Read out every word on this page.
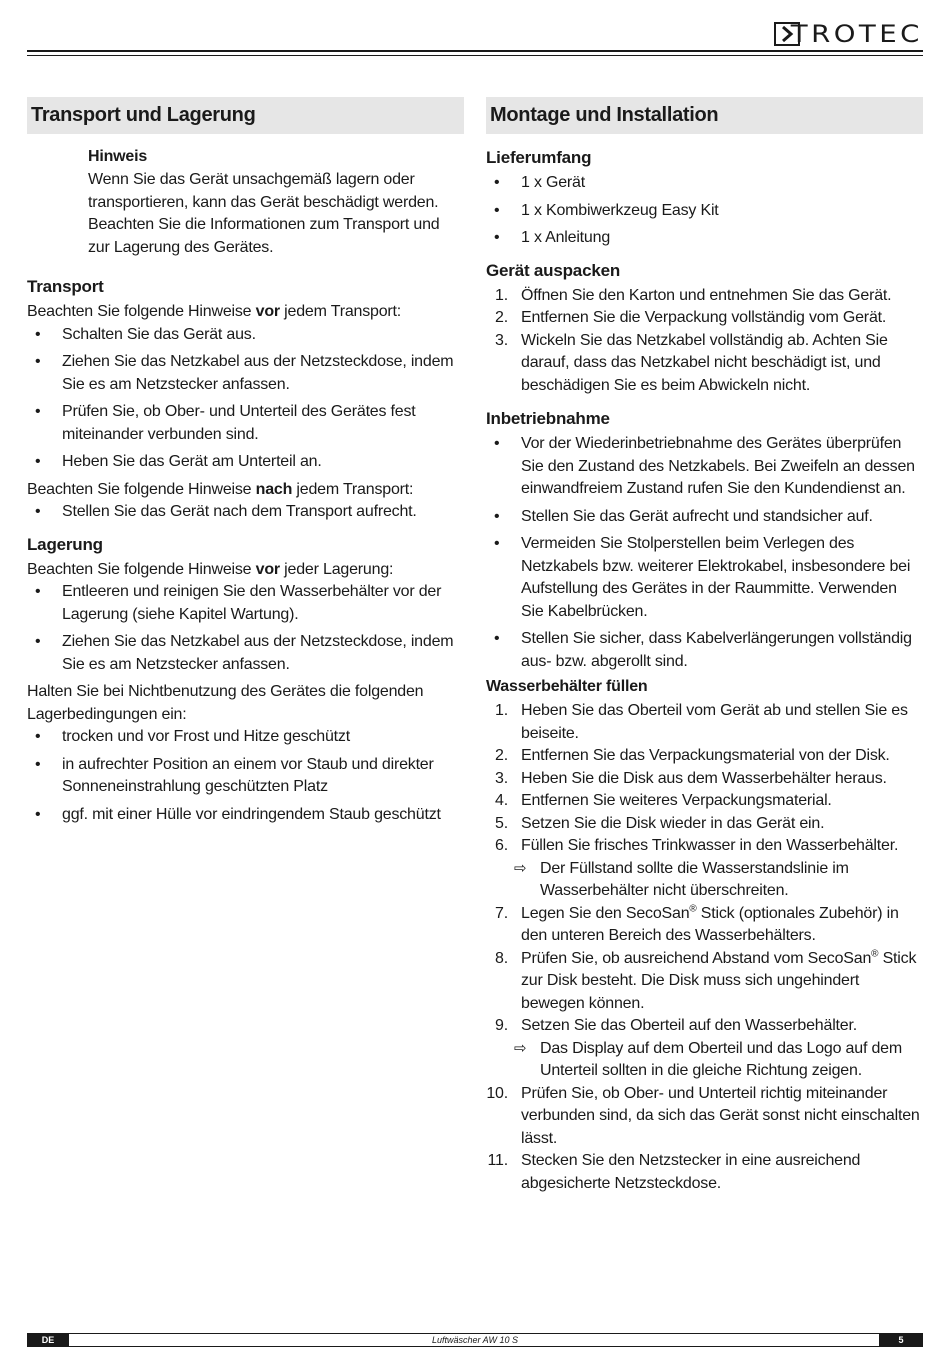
TROTEC
Transport und Lagerung
Hinweis

Wenn Sie das Gerät unsachgemäß lagern oder transportieren, kann das Gerät beschädigt werden. Beachten Sie die Informationen zum Transport und zur Lagerung des Gerätes.

Transport

Beachten Sie folgende Hinweise vor jedem Transport:

• Schalten Sie das Gerät aus.
• Ziehen Sie das Netzkabel aus der Netzsteckdose, indem Sie es am Netzstecker anfassen.
• Prüfen Sie, ob Ober- und Unterteil des Gerätes fest miteinander verbunden sind.
• Heben Sie das Gerät am Unterteil an.

Beachten Sie folgende Hinweise nach jedem Transport:

• Stellen Sie das Gerät nach dem Transport aufrecht.
Lagerung

Beachten Sie folgende Hinweise vor jeder Lagerung:

• Entleeren und reinigen Sie den Wasserbehälter vor der Lagerung (siehe Kapitel Wartung).
• Ziehen Sie das Netzkabel aus der Netzsteckdose, indem Sie es am Netzstecker anfassen.

Halten Sie bei Nichtbenutzung des Gerätes die folgenden Lagerbedingungen ein:

• trocken und vor Frost und Hitze geschützt
• in aufrechter Position an einem vor Staub und direkter Sonneneinstrahlung geschützten Platz
• ggf. mit einer Hülle vor eindringendem Staub geschützt
Montage und Installation
Lieferumfang
• 1 x Gerät
• 1 x Kombiwerkzeug Easy Kit
• 1 x Anleitung
Gerät auspacken
1. Öffnen Sie den Karton und entnehmen Sie das Gerät.
2. Entfernen Sie die Verpackung vollständig vom Gerät.
3. Wickeln Sie das Netzkabel vollständig ab. Achten Sie darauf, dass das Netzkabel nicht beschädigt ist, und beschädigen Sie es beim Abwickeln nicht.
Inbetriebnahme
• Vor der Wiederinbetriebnahme des Gerätes überprüfen Sie den Zustand des Netzkabels. Bei Zweifeln an dessen einwandfreiem Zustand rufen Sie den Kundendienst an.
• Stellen Sie das Gerät aufrecht und standsicher auf.
• Vermeiden Sie Stolperstellen beim Verlegen des Netzkabels bzw. weiterer Elektrokabel, insbesondere bei Aufstellung des Gerätes in der Raummitte. Verwenden Sie Kabelbrücken.
• Stellen Sie sicher, dass Kabelverlängerungen vollständig aus- bzw. abgerollt sind.
Wasserbehälter füllen
1. Heben Sie das Oberteil vom Gerät ab und stellen Sie es beiseite.
2. Entfernen Sie das Verpackungsmaterial von der Disk.
3. Heben Sie die Disk aus dem Wasserbehälter heraus.
4. Entfernen Sie weiteres Verpackungsmaterial.
5. Setzen Sie die Disk wieder in das Gerät ein.
6. Füllen Sie frisches Trinkwasser in den Wasserbehälter.
⇨ Der Füllstand sollte die Wasserstandslinie im Wasserbehälter nicht überschreiten.
7. Legen Sie den SecoSan® Stick (optionales Zubehör) in den unteren Bereich des Wasserbehälters.
8. Prüfen Sie, ob ausreichend Abstand vom SecoSan® Stick zur Disk besteht. Die Disk muss sich ungehindert bewegen können.
9. Setzen Sie das Oberteil auf den Wasserbehälter.
⇨ Das Display auf dem Oberteil und das Logo auf dem Unterteil sollten in die gleiche Richtung zeigen.
10. Prüfen Sie, ob Ober- und Unterteil richtig miteinander verbunden sind, da sich das Gerät sonst nicht einschalten lässt.
11. Stecken Sie den Netzstecker in eine ausreichend abgesicherte Netzsteckdose.
Luftwäscher AW 10 S
DE	5
